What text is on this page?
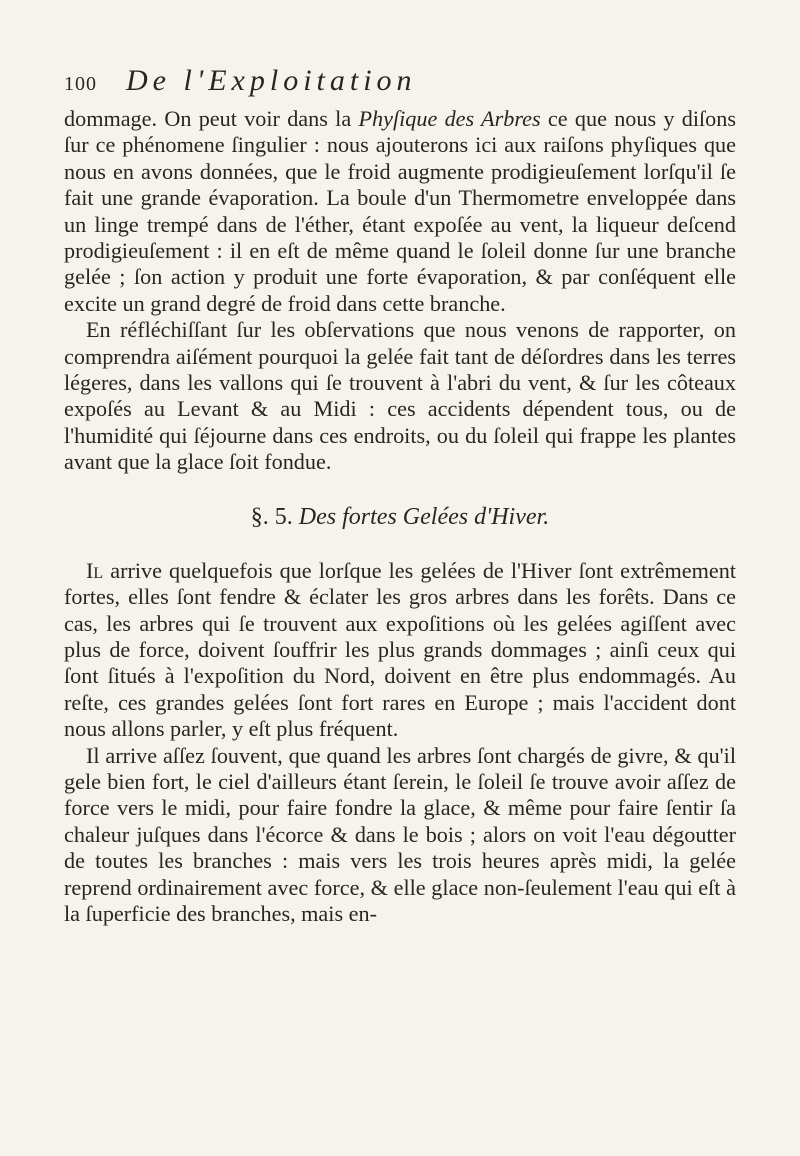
100 De l'Exploitation

dommage. On peut voir dans la Phyſique des Arbres ce que nous y diſons ſur ce phénomene ſingulier : nous ajouterons ici aux raiſons phyſiques que nous en avons données, que le froid augmente prodigieuſement lorſqu'il ſe fait une grande évaporation. La boule d'un Thermometre enveloppée dans un linge trempé dans de l'éther, étant expoſée au vent, la liqueur deſcend prodigieuſement : il en eſt de même quand le ſoleil donne ſur une branche gelée ; ſon action y produit une forte évaporation, & par conſéquent elle excite un grand degré de froid dans cette branche.

En réfléchiſſant ſur les obſervations que nous venons de rapporter, on comprendra aiſément pourquoi la gelée fait tant de déſordres dans les terres légeres, dans les vallons qui ſe trouvent à l'abri du vent, & ſur les côteaux expoſés au Levant & au Midi : ces accidents dépendent tous, ou de l'humidité qui ſéjourne dans ces endroits, ou du ſoleil qui frappe les plantes avant que la glace ſoit fondue.

§. 5. Des fortes Gelées d'Hiver.

Il arrive quelquefois que lorſque les gelées de l'Hiver ſont extrêmement fortes, elles ſont fendre & éclater les gros arbres dans les forêts. Dans ce cas, les arbres qui ſe trouvent aux expoſitions où les gelées agiſſent avec plus de force, doivent ſouffrir les plus grands dommages ; ainſi ceux qui ſont ſitués à l'expoſition du Nord, doivent en être plus endommagés. Au reſte, ces grandes gelées ſont fort rares en Europe ; mais l'accident dont nous allons parler, y eſt plus fréquent.

Il arrive aſſez ſouvent, que quand les arbres ſont chargés de givre, & qu'il gele bien fort, le ciel d'ailleurs étant ſerein, le ſoleil ſe trouve avoir aſſez de force vers le midi, pour faire fondre la glace, & même pour faire ſentir ſa chaleur juſques dans l'écorce & dans le bois ; alors on voit l'eau dégoutter de toutes les branches : mais vers les trois heures après midi, la gelée reprend ordinairement avec force, & elle glace non-ſeulement l'eau qui eſt à la ſuperficie des branches, mais en-
